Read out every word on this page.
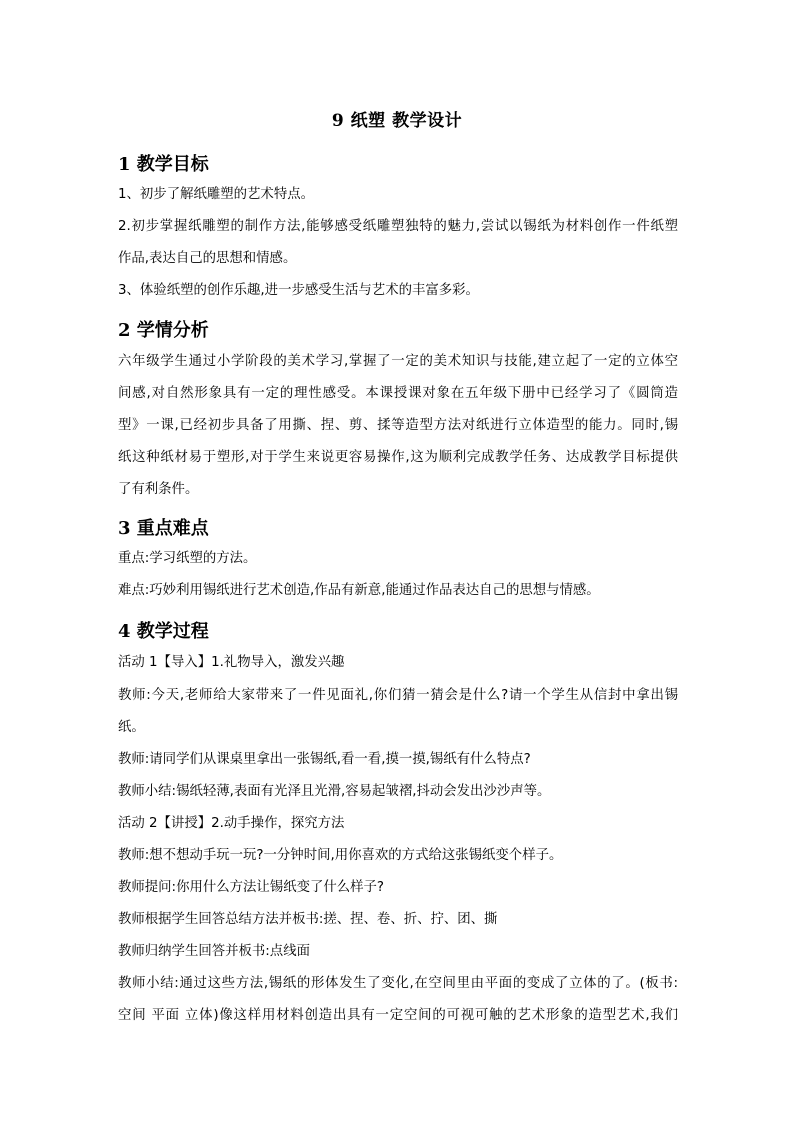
9 纸塑 教学设计
1 教学目标
1、初步了解纸雕塑的艺术特点。
2.初步掌握纸雕塑的制作方法,能够感受纸雕塑独特的魅力,尝试以锡纸为材料创作一件纸塑
作品,表达自己的思想和情感。
3、体验纸塑的创作乐趣,进一步感受生活与艺术的丰富多彩。
2 学情分析
六年级学生通过小学阶段的美术学习,掌握了一定的美术知识与技能,建立起了一定的立体空
间感,对自然形象具有一定的理性感受。本课授课对象在五年级下册中已经学习了《圆筒造
型》一课,已经初步具备了用撕、捏、剪、揉等造型方法对纸进行立体造型的能力。同时,锡
纸这种纸材易于塑形,对于学生来说更容易操作,这为顺利完成教学任务、达成教学目标提供
了有利条件。
3 重点难点
重点:学习纸塑的方法。
难点:巧妙利用锡纸进行艺术创造,作品有新意,能通过作品表达自己的思想与情感。
4 教学过程
活动 1【导入】1.礼物导入，激发兴趣
教师:今天,老师给大家带来了一件见面礼,你们猜一猜会是什么?请一个学生从信封中拿出锡
纸。
教师:请同学们从课桌里拿出一张锡纸,看一看,摸一摸,锡纸有什么特点?
教师小结:锡纸轻薄,表面有光泽且光滑,容易起皱褶,抖动会发出沙沙声等。
活动 2【讲授】2.动手操作，探究方法
教师:想不想动手玩一玩?一分钟时间,用你喜欢的方式给这张锡纸变个样子。
教师提问:你用什么方法让锡纸变了什么样子?
教师根据学生回答总结方法并板书:搓、捏、卷、折、拧、团、撕
教师归纳学生回答并板书:点线面
教师小结:通过这些方法,锡纸的形体发生了变化,在空间里由平面的变成了立体的了。(板书:
空间 平面 立体)像这样用材料创造出具有一定空间的可视可触的艺术形象的造型艺术,我们
